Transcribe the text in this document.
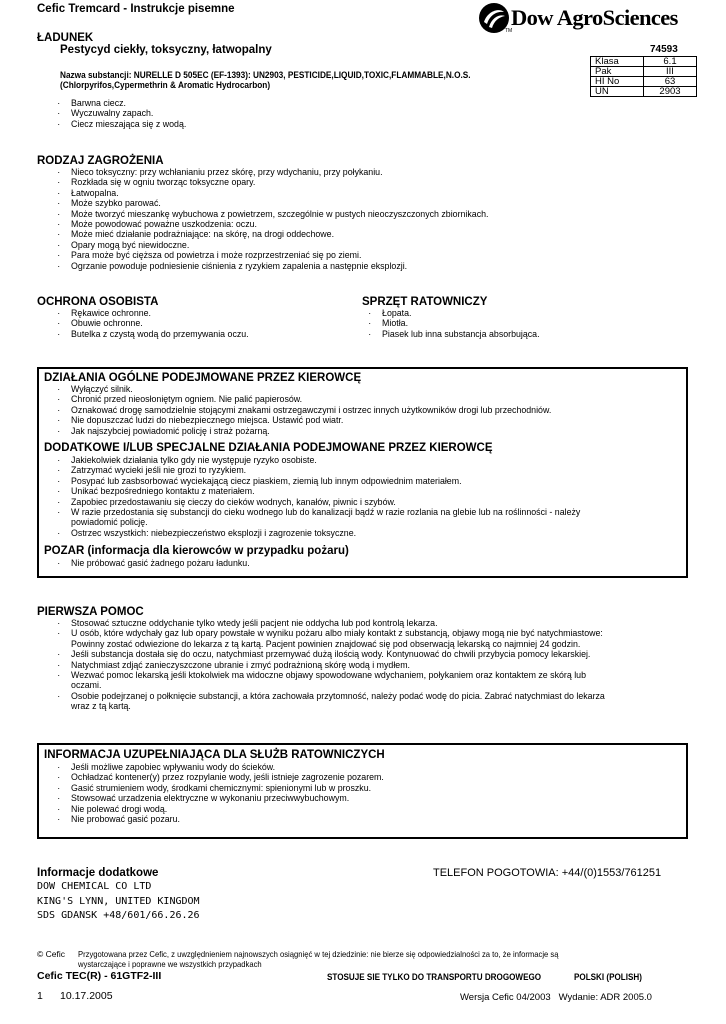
Cefic Tremcard - Instrukcje pisemne	Dow AgroSciences
TM
74593
Klasa	6.1
Pak	III
HI No	63
UN	2903
ŁADUNEK
Pestycyd ciekły, toksyczny, łatwopalny
Nazwa substancji: NURELLE D 505EC (EF-1393): UN2903, PESTICIDE,LIQUID,TOXIC,FLAMMABLE,N.O.S.
(Chlorpyrifos,Cypermethrin & Aromatic Hydrocarbon)
· Barwna ciecz.
· Wyczuwalny zapach.
· Ciecz mieszająca się z wodą.
RODZAJ ZAGROŻENIA
· Nieco toksyczny: przy wchłanianiu przez skórę, przy wdychaniu, przy połykaniu.
· Rozkłada się w ogniu tworząc toksyczne opary.
· Łatwopalna.
· Może szybko parować.
· Może tworzyć mieszankę wybuchowa z powietrzem, szczególnie w pustych nieoczyszczonych zbiornikach.
· Może powodować poważne uszkodzenia: oczu.
· Może mieć działanie podrażniające: na skórę, na drogi oddechowe.
· Opary mogą być niewidoczne.
· Para może być cięższa od powietrza i może rozprzestrzeniać się po ziemi.
· Ogrzanie powoduje podniesienie ciśnienia z ryzykiem zapalenia a następnie eksplozji.
OCHRONA OSOBISTA
· Rękawice ochronne.
· Obuwie ochronne.
· Butelka z czystą wodą do przemywania oczu.
SPRZĘT RATOWNICZY
· Łopata.
· Miotła.
· Piasek lub inna substancja absorbująca.
DZIAŁANIA OGÓLNE PODEJMOWANE PRZEZ KIEROWCĘ
· Wyłączyć silnik.
· Chronić przed nieosłoniętym ogniem. Nie palić papierosów.
· Oznakować drogę samodzielnie stojącymi znakami ostrzegawczymi i ostrzec innych użytkowników drogi lub przechodniów.
· Nie dopuszczać ludzi do niebezpiecznego miejsca. Ustawić pod wiatr.
· Jak najszybciej powiadomić policję i straż pożarną.
DODATKOWE I/LUB SPECJALNE DZIAŁANIA PODEJMOWANE PRZEZ KIEROWCĘ
· Jakiekolwiek działania tylko gdy nie występuje ryzyko osobiste.
· Zatrzymać wycieki jeśli nie grozi to ryzykiem.
· Posypać lub zasbsorbować wyciekającą ciecz piaskiem, ziemią lub innym odpowiednim materiałem.
· Unikać bezpośredniego kontaktu z materiałem.
· Zapobiec przedostawaniu się cieczy do cieków wodnych, kanałów, piwnic i szybów.
· W razie przedostania się substancji do cieku wodnego lub do kanalizacji bądź w razie rozlania na glebie lub na roślinności - należy
powiadomić policję.
· Ostrzec wszystkich: niebezpieczeństwo eksplozji i zagrozenie toksyczne.
POZAR (informacja dla kierowców w przypadku pożaru)
· Nie próbować gasić żadnego pożaru ładunku.
PIERWSZA POMOC
· Stosować sztuczne oddychanie tylko wtedy jeśli pacjent nie oddycha lub pod kontrolą lekarza.
· U osób, które wdychały gaz lub opary powstałe w wyniku pożaru albo miały kontakt z substancją, objawy mogą nie być natychmiastowe:
Powinny zostać odwiezione do lekarza z tą kartą. Pacjent powinien znajdować się pod obserwacją lekarską co najmniej 24 godzin.
· Jeśli substancja dostała się do oczu, natychmiast przemywać dużą ilością wody. Kontynuować do chwili przybycia pomocy lekarskiej.
· Natychmiast zdjąć zanieczyszczone ubranie i zmyć podrażnioną skórę wodą i mydłem.
· Wezwać pomoc lekarską jeśli ktokolwiek ma widoczne objawy spowodowane wdychaniem, połykaniem oraz kontaktem ze skórą lub
oczami.
· Osobie podejrzanej o połknięcie substancji, a która zachowała przytomność, należy podać wodę do picia. Zabrać natychmiast do lekarza
wraz z tą kartą.
INFORMACJA UZUPEŁNIAJĄCA DLA SŁUŻB RATOWNICZYCH
· Jeśli możliwe zapobiec wpływaniu wody do ścieków.
· Ochładzać kontener(y) przez rozpylanie wody, jeśli istnieje zagrozenie pozarem.
· Gasić strumieniem wody, środkami chemicznymi: spienionymi lub w proszku.
· Stowsować urzadzenia elektryczne w wykonaniu przeciwwybuchowym.
· Nie polewać drogi wodą.
· Nie probować gasić pozaru.
Informacje dodatkowe
DOW CHEMICAL CO LTD
KING'S LYNN, UNITED KINGDOM
SDS GDANSK +48/601/66.26.26
TELEFON POGOTOWIA: +44/(0)1553/761251
© Cefic Przygotowana przez Cefic, z uwzględnieniem najnowszych osiągnięć w tej dziedzinie: nie bierze się odpowiedzialności za to, że informacje są
wystarczające i poprawne we wszystkich przypadkach
Cefic TEC(R) - 61GTF2-III	STOSUJE SIE TYLKO DO TRANSPORTU DROGOWEGO	POLSKI (POLISH)
1 10.17.2005	Wersja Cefic 04/2003   Wydanie: ADR 2005.0
